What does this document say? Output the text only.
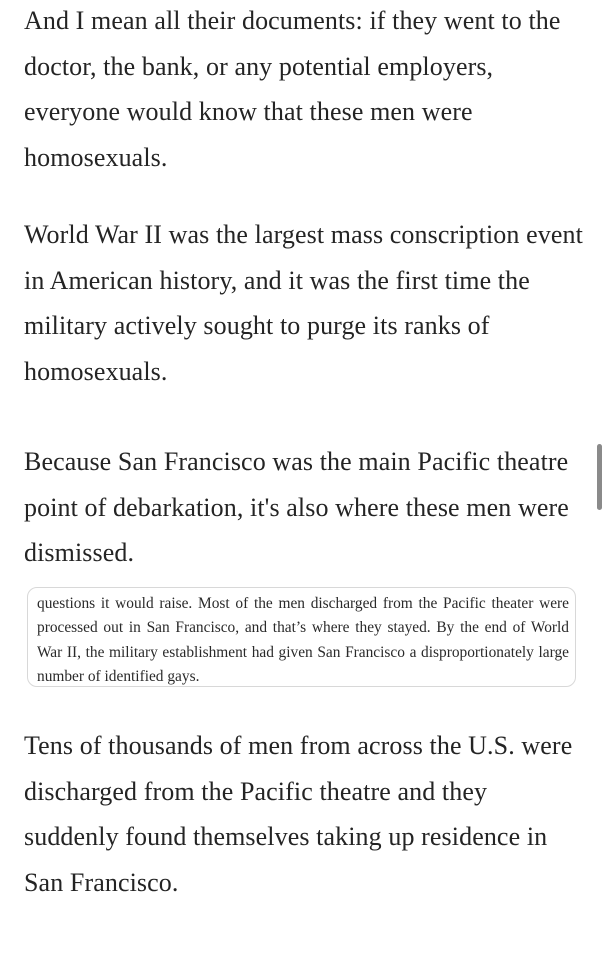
And I mean all their documents: if they went to the doctor, the bank, or any potential employers, everyone would know that these men were homosexuals.

World War II was the largest mass conscription event in American history, and it was the first time the military actively sought to purge its ranks of homosexuals.

Because San Francisco was the main Pacific theatre point of debarkation, it's also where these men were dismissed.

Tens of thousands of men from across the U.S. were discharged from the Pacific theatre and they suddenly found themselves taking up residence in San Francisco.

questions it would raise. Most of the men discharged from the Pacific theater were processed out in San Francisco, and that’s where they stayed. By the end of World War II, the military establishment had given San Francisco a disproportionately large number of identified gays.
